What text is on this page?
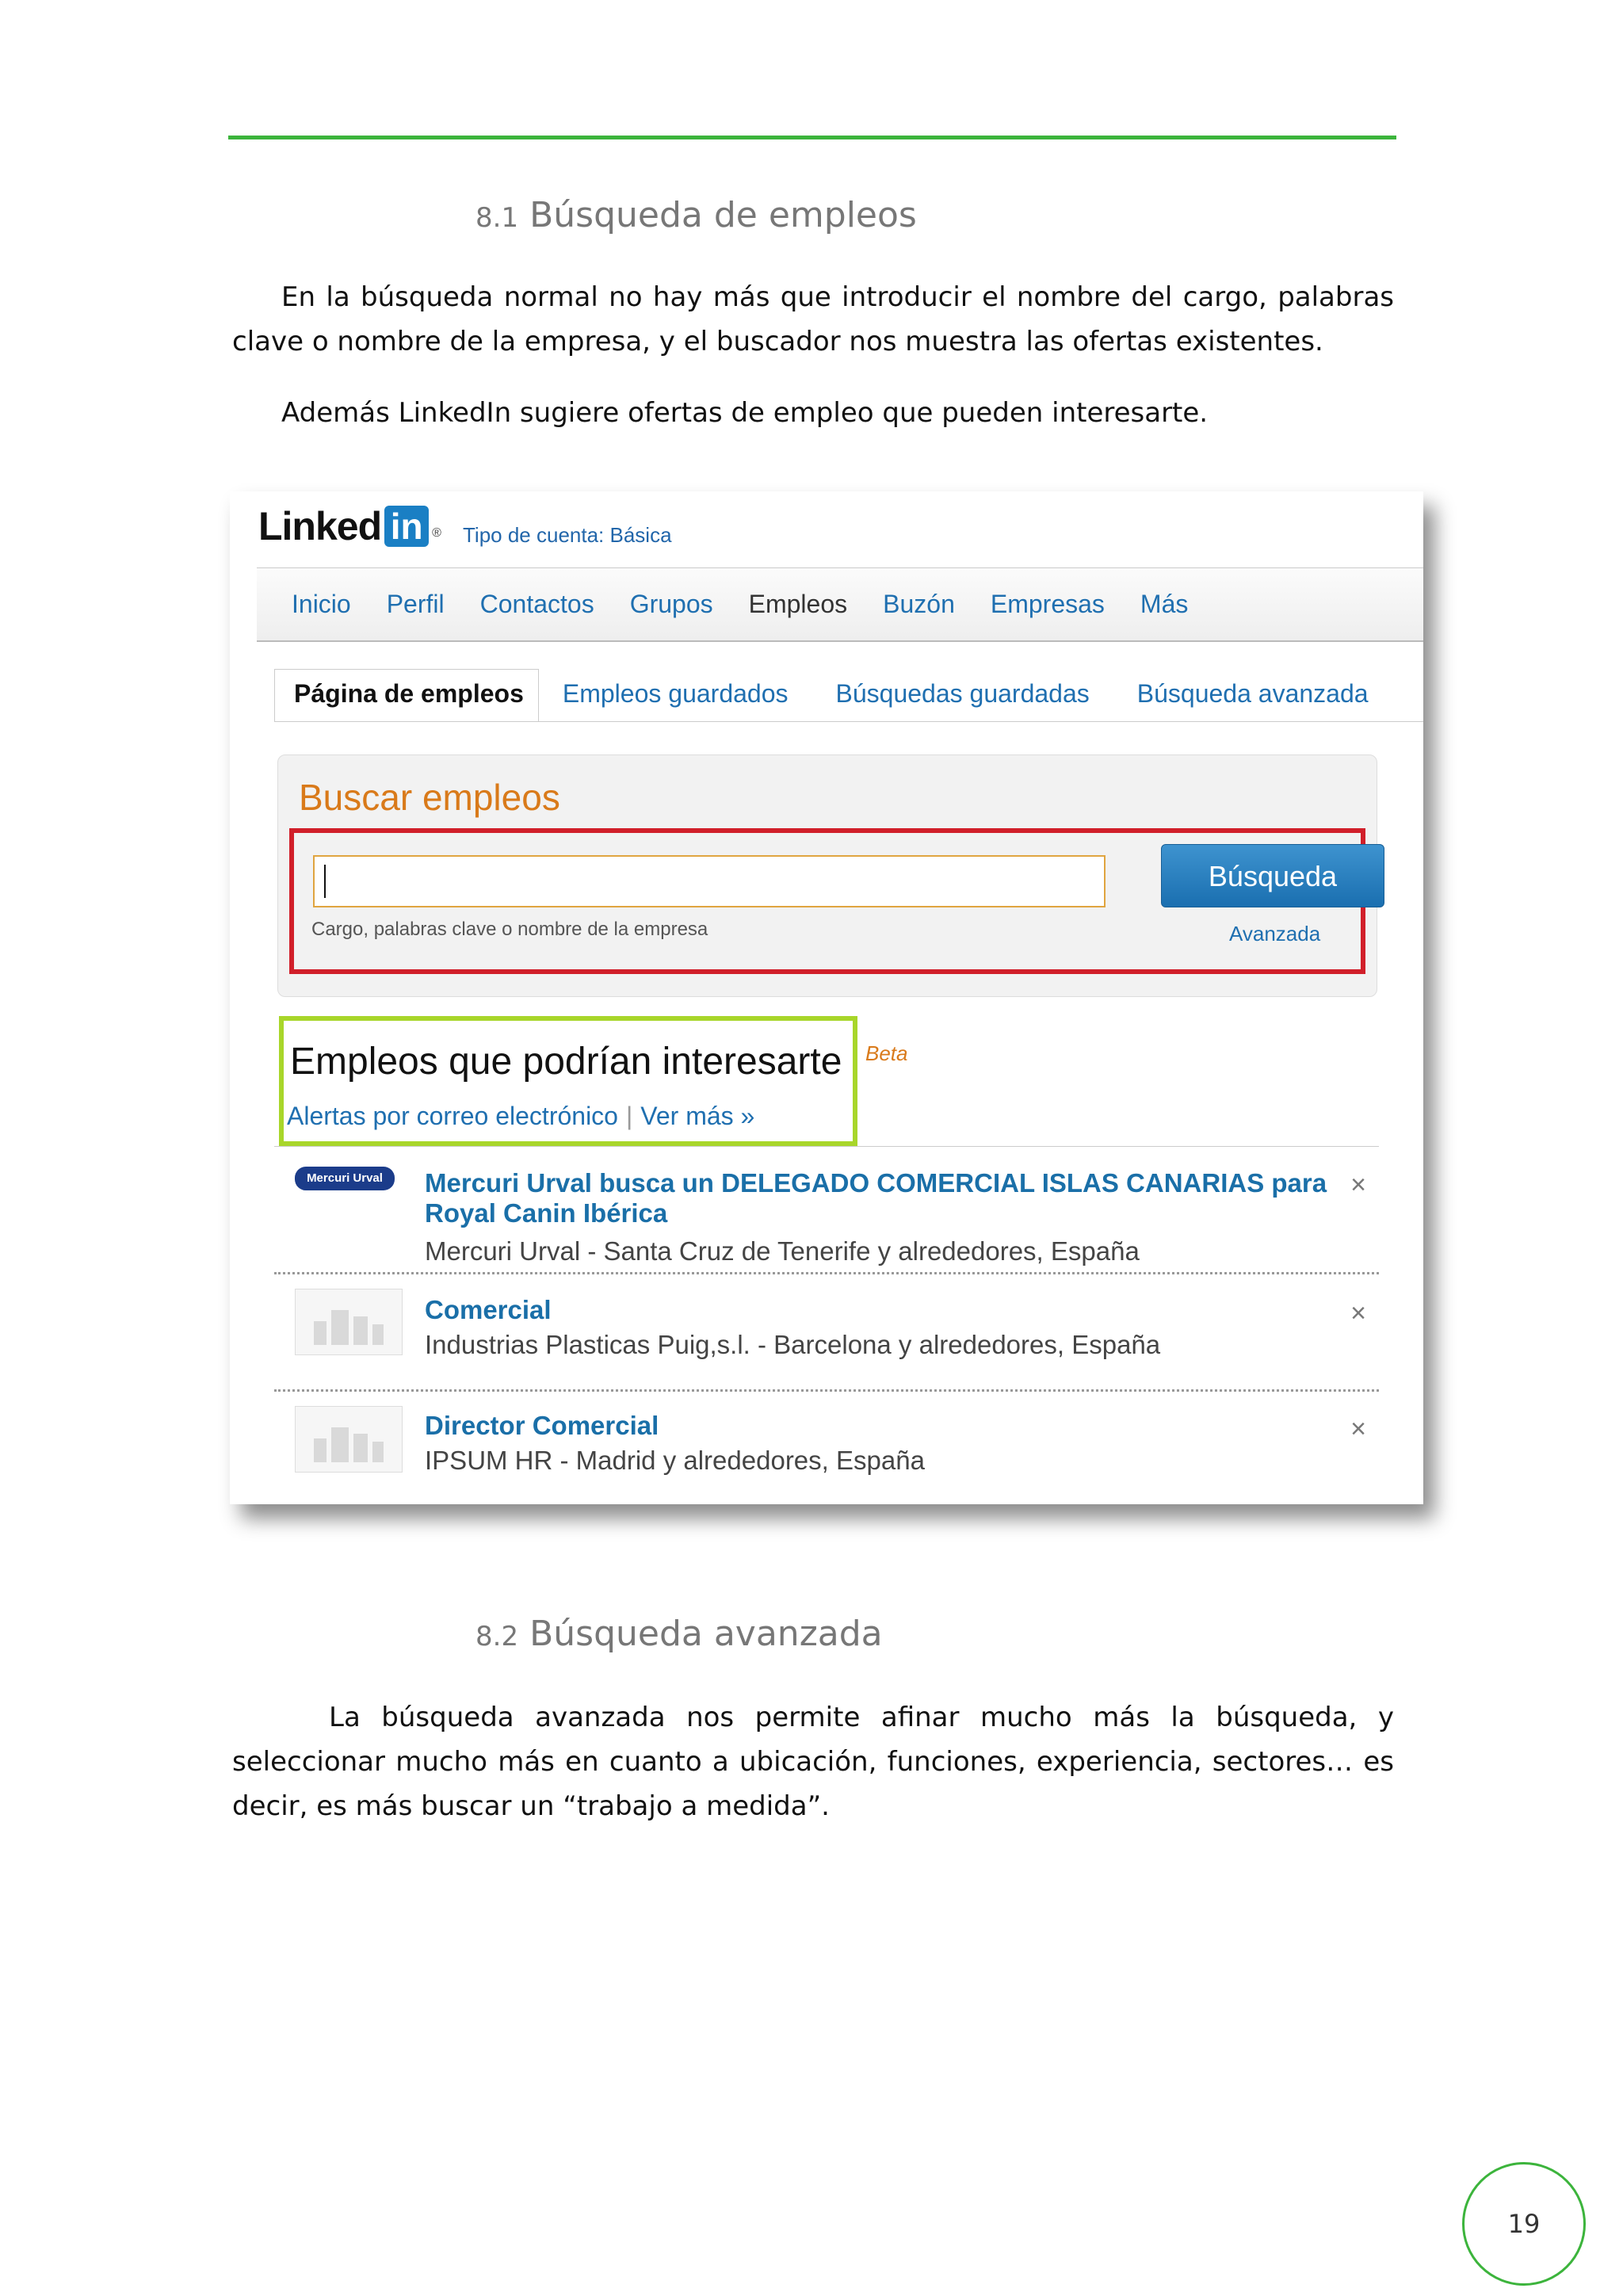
8.1 Búsqueda de empleos

En la búsqueda normal no hay más que introducir el nombre del cargo, palabras clave o nombre de la empresa, y el buscador nos muestra las ofertas existentes.

Además LinkedIn sugiere ofertas de empleo que pueden interesarte.

Linked in ® Tipo de cuenta: Básica
Inicio Perfil Contactos Grupos Empleos Buzón Empresas Más
Página de empleos	Empleos guardados	Búsquedas guardadas	Búsqueda avanzada
Buscar empleos
Cargo, palabras clave o nombre de la empresa
Búsqueda
Avanzada
Empleos que podrían interesarte
Alertas por correo electrónico | Ver más »
Beta
Mercuri Urval	Mercuri Urval busca un DELEGADO COMERCIAL ISLAS CANARIAS para Royal Canin Ibérica
Mercuri Urval - Santa Cruz de Tenerife y alrededores, España
×
Comercial
Industrias Plasticas Puig,s.l. - Barcelona y alrededores, España
×
Director Comercial
IPSUM HR - Madrid y alrededores, España
×
8.2 Búsqueda avanzada

La búsqueda avanzada nos permite afinar mucho más la búsqueda, y seleccionar mucho más en cuanto a ubicación, funciones, experiencia, sectores… es decir, es más buscar un “trabajo a medida”.

19
